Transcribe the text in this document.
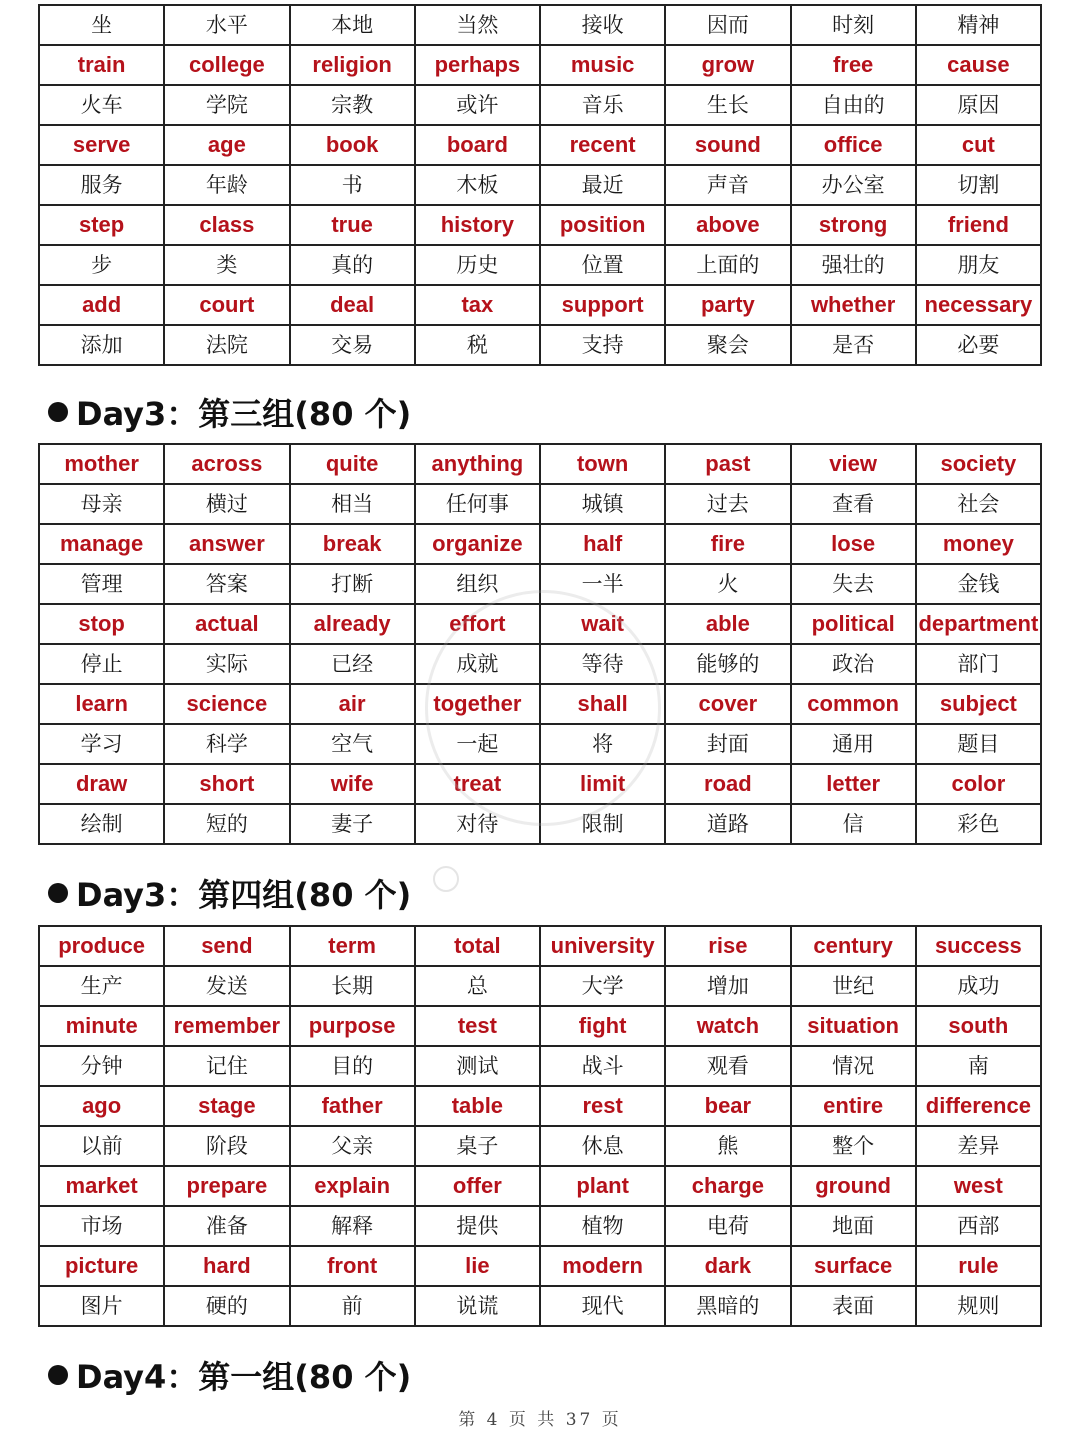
坐	水平	本地	当然	接收	因而	时刻	精神
train	college	religion	perhaps	music	grow	free	cause
火车	学院	宗教	或许	音乐	生长	自由的	原因
serve	age	book	board	recent	sound	office	cut
服务	年龄	书	木板	最近	声音	办公室	切割
step	class	true	history	position	above	strong	friend
步	类	真的	历史	位置	上面的	强壮的	朋友
add	court	deal	tax	support	party	whether	necessary
添加	法院	交易	税	支持	聚会	是否	必要
Day3：第三组(80 个)
mother	across	quite	anything	town	past	view	society
母亲	横过	相当	任何事	城镇	过去	查看	社会
manage	answer	break	organize	half	fire	lose	money
管理	答案	打断	组织	一半	火	失去	金钱
stop	actual	already	effort	wait	able	political	department
停止	实际	已经	成就	等待	能够的	政治	部门
learn	science	air	together	shall	cover	common	subject
学习	科学	空气	一起	将	封面	通用	题目
draw	short	wife	treat	limit	road	letter	color
绘制	短的	妻子	对待	限制	道路	信	彩色
Day3：第四组(80 个)
produce	send	term	total	university	rise	century	success
生产	发送	长期	总	大学	增加	世纪	成功
minute	remember	purpose	test	fight	watch	situation	south
分钟	记住	目的	测试	战斗	观看	情况	南
ago	stage	father	table	rest	bear	entire	difference
以前	阶段	父亲	桌子	休息	熊	整个	差异
market	prepare	explain	offer	plant	charge	ground	west
市场	准备	解释	提供	植物	电荷	地面	西部
picture	hard	front	lie	modern	dark	surface	rule
图片	硬的	前	说谎	现代	黑暗的	表面	规则
Day4：第一组(80 个)
第 4 页 共 37 页
